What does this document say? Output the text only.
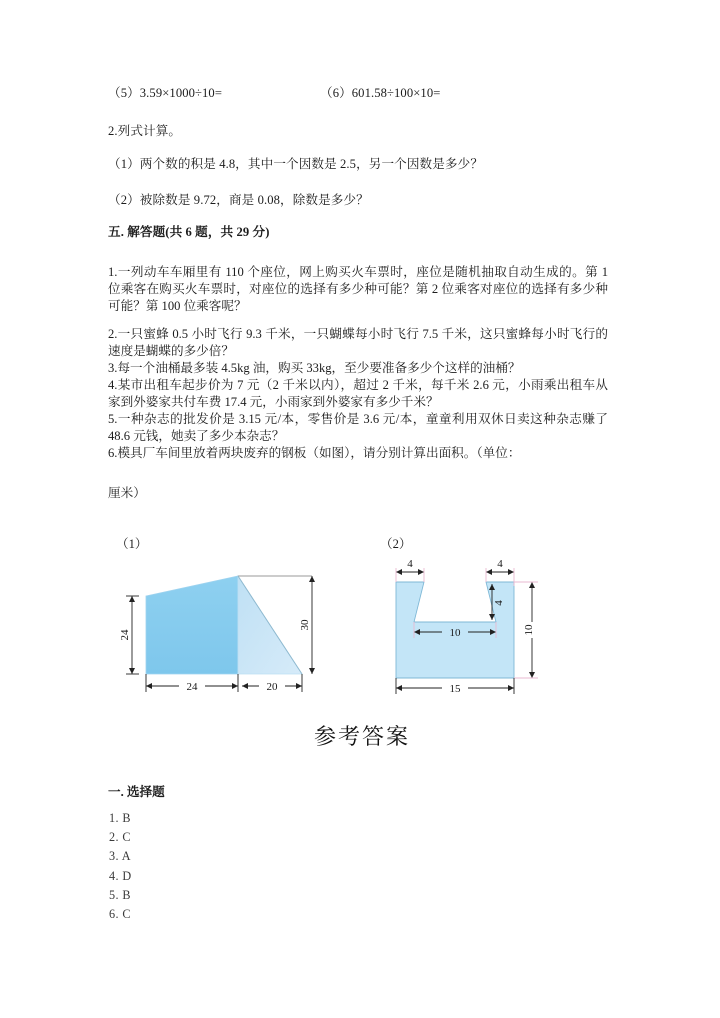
（5）3.59×1000÷10=	（6）601.58÷100×10=
2.列式计算。
（1）两个数的积是 4.8，其中一个因数是 2.5，另一个因数是多少？
（2）被除数是 9.72，商是 0.08，除数是多少？
五. 解答题(共 6 题，共 29 分)
1.一列动车车厢里有 110 个座位，网上购买火车票时，座位是随机抽取自动生成的。第 1 位乘客在购买火车票时，对座位的选择有多少种可能？第 2 位乘客对座位的选择有多少种可能？第 100 位乘客呢？
2.一只蜜蜂 0.5 小时飞行 9.3 千米，一只蝴蝶每小时飞行 7.5 千米，这只蜜蜂每小时飞行的速度是蝴蝶的多少倍？
3.每一个油桶最多装 4.5kg 油，购买 33kg，至少要准备多少个这样的油桶？
4.某市出租车起步价为 7 元（2 千米以内），超过 2 千米，每千米 2.6 元，小雨乘出租车从家到外婆家共付车费 17.4 元，小雨家到外婆家有多少千米？
5.一种杂志的批发价是 3.15 元/本，零售价是 3.6 元/本，童童利用双休日卖这种杂志赚了 48.6 元钱，她卖了多少本杂志？
6.模具厂车间里放着两块废弃的钢板（如图），请分别计算出面积。（单位：
厘米）
（1）
24
30
24	20
（2）
4	4
4
10	10
15
参考答案
一. 选择题
1. B
2. C
3. A
4. D
5. B
6. C
